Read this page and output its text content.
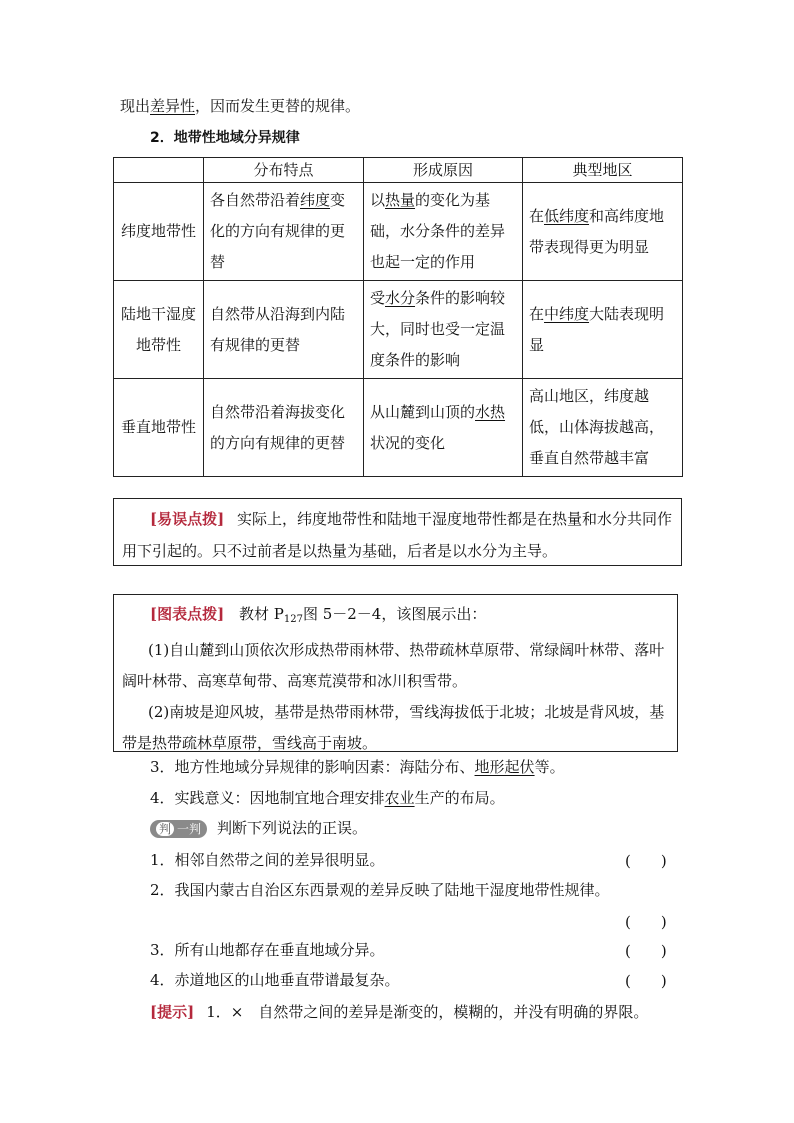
现出差异性，因而发生更替的规律。
2．地带性地域分异规律
	分布特点	形成原因	典型地区
纬度地带性	各自然带沿着纬度变化的方向有规律的更替	以热量的变化为基础，水分条件的差异也起一定的作用	在低纬度和高纬度地带表现得更为明显
陆地干湿度地带性	自然带从沿海到内陆有规律的更替	受水分条件的影响较大，同时也受一定温度条件的影响	在中纬度大陆表现明显
垂直地带性	自然带沿着海拔变化的方向有规律的更替	从山麓到山顶的水热状况的变化	高山地区，纬度越低，山体海拔越高，垂直自然带越丰富
[易误点拨] 实际上，纬度地带性和陆地干湿度地带性都是在热量和水分共同作用下引起的。只不过前者是以热量为基础，后者是以水分为主导。
[图表点拨] 教材 $P_{127}$图 5－2－4，该图展示出：
(1)自山麓到山顶依次形成热带雨林带、热带疏林草原带、常绿阔叶林带、落叶阔叶林带、高寒草甸带、高寒荒漠带和冰川积雪带。
(2)南坡是迎风坡，基带是热带雨林带，雪线海拔低于北坡；北坡是背风坡，基带是热带疏林草原带，雪线高于南坡。
3．地方性地域分异规律的影响因素：海陆分布、地形起伏等。
4．实践意义：因地制宜地合理安排农业生产的布局。
判 一判 判断下列说法的正误。
1．相邻自然带之间的差异很明显。	(　　)
2．我国内蒙古自治区东西景观的差异反映了陆地干湿度地带性规律。
(　　)
3．所有山地都存在垂直地域分异。	(　　)
4．赤道地区的山地垂直带谱最复杂。	(　　)
[提示] 1．×　自然带之间的差异是渐变的，模糊的，并没有明确的界限。
